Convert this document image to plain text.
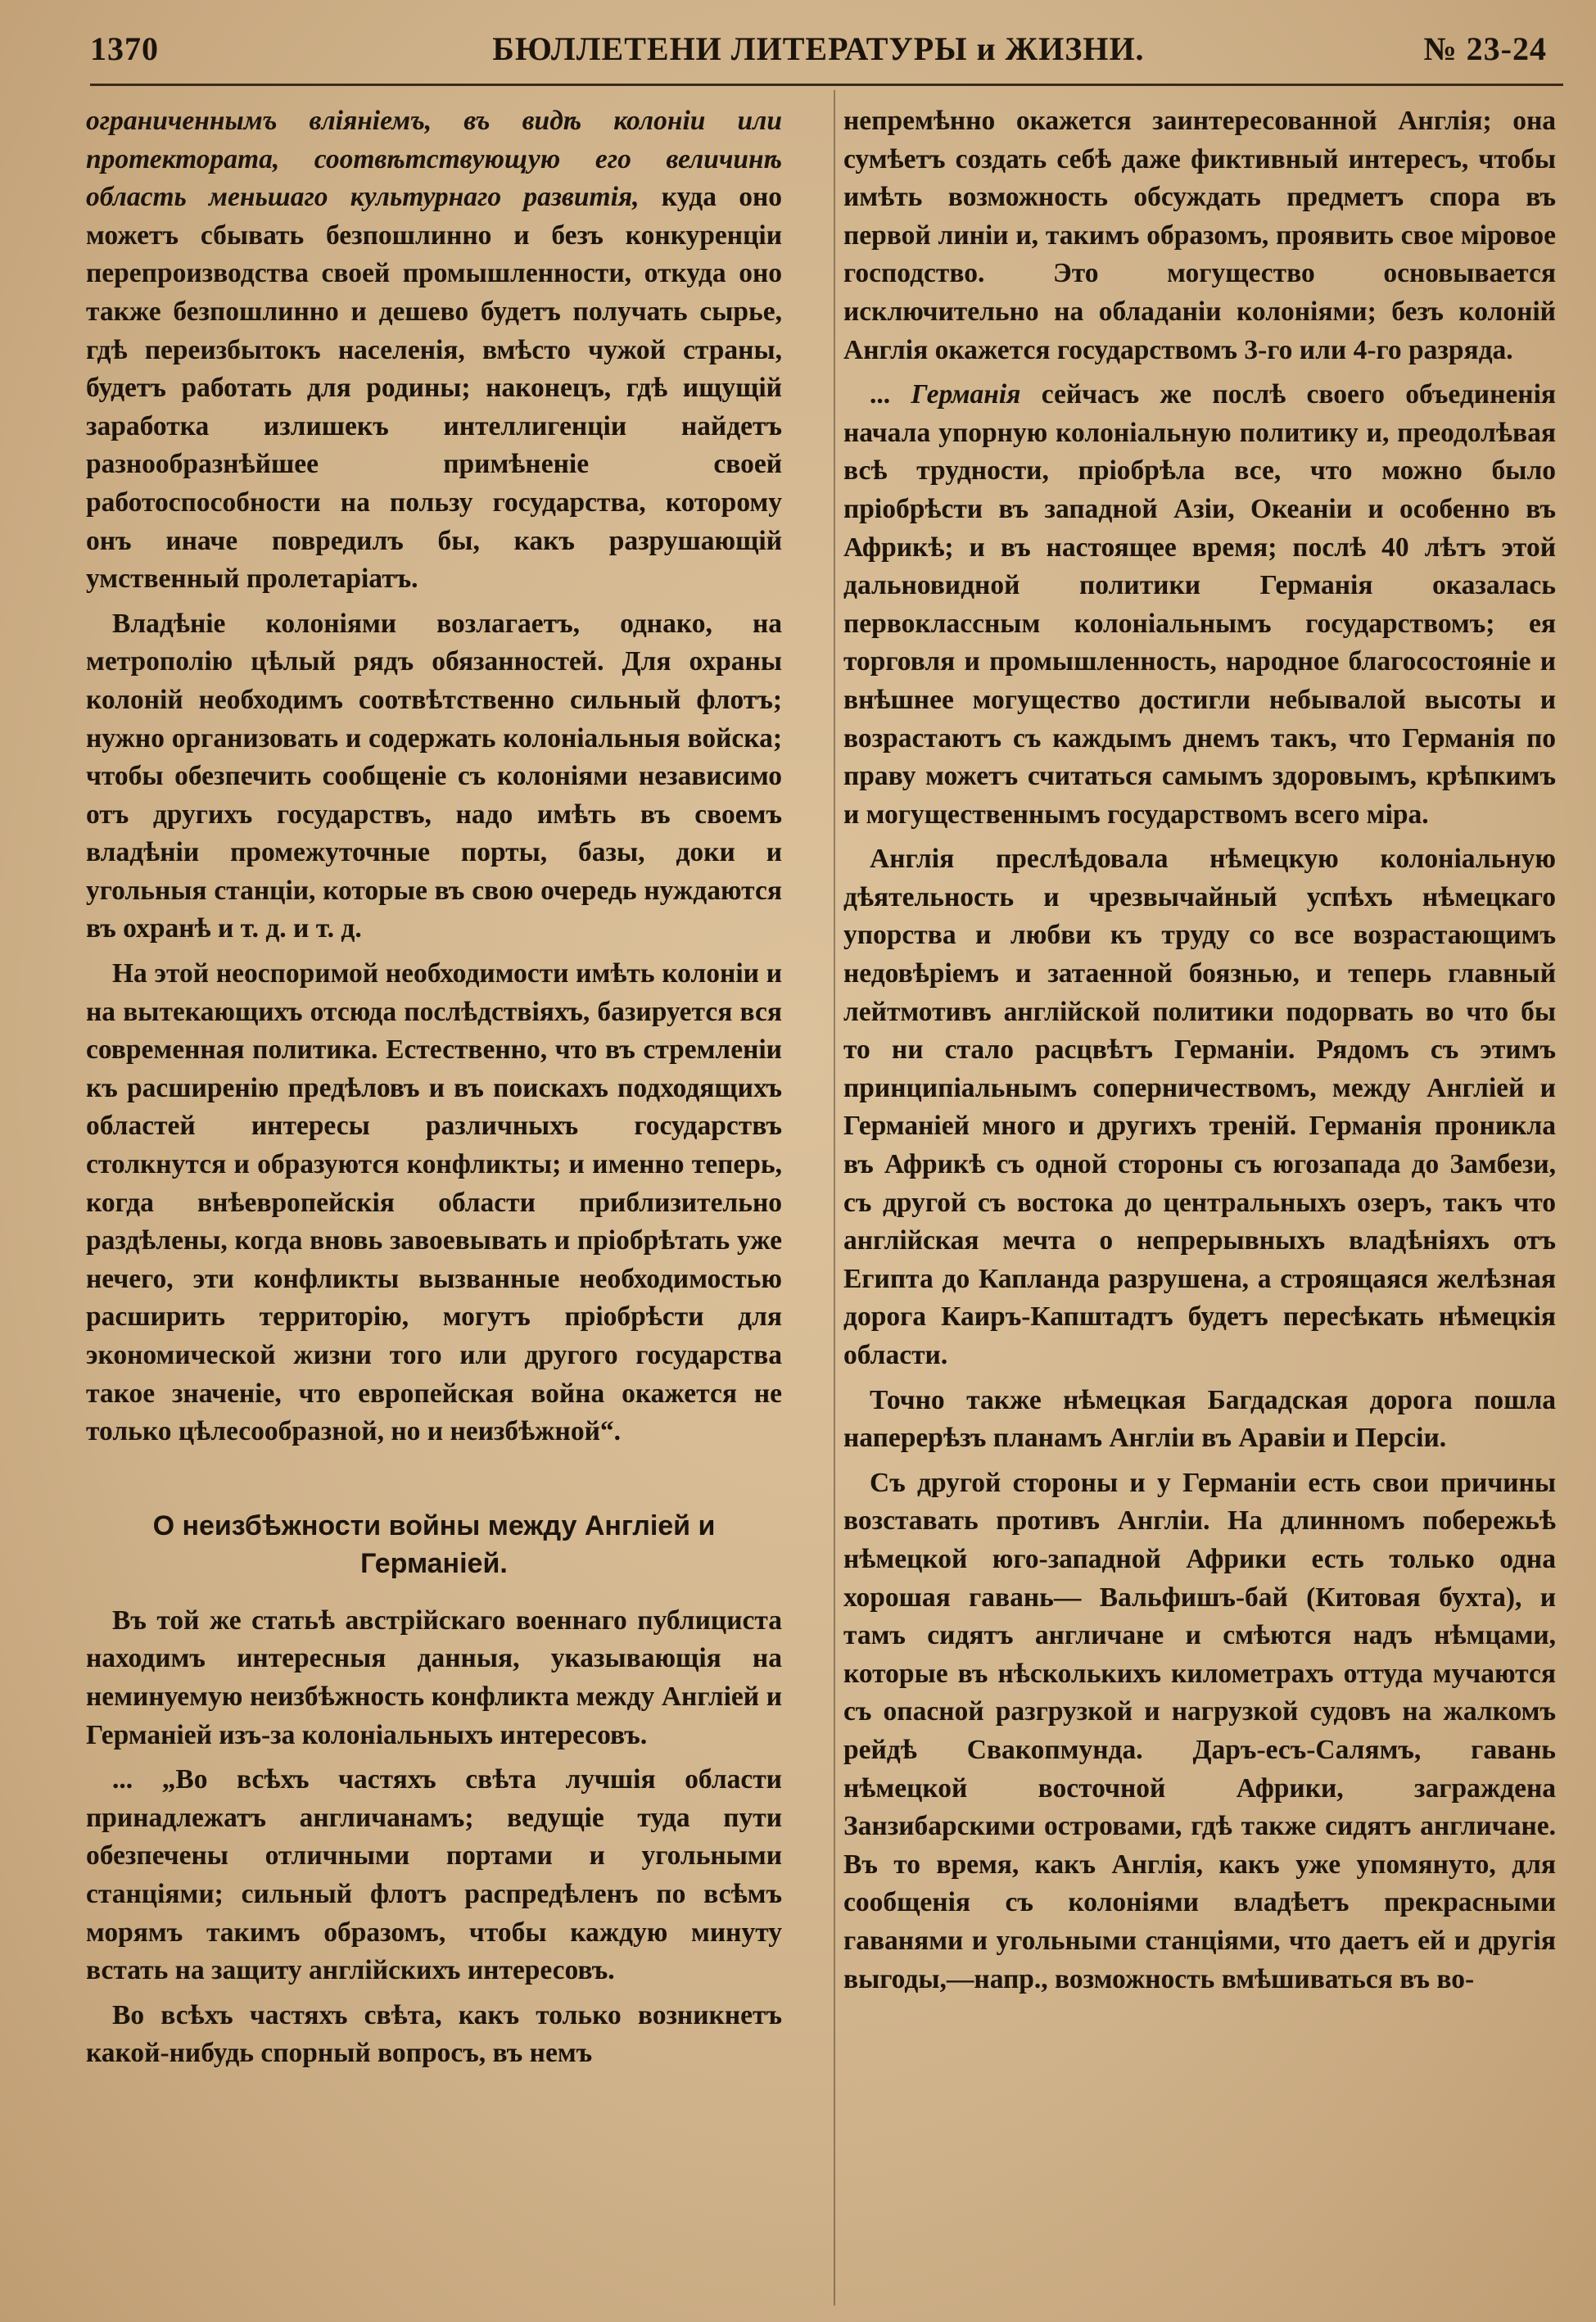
1370	БЮЛЛЕТЕНИ ЛИТЕРАТУРЫ и ЖИЗНИ.	№ 23-24

ограниченнымъ вліяніемъ, въ видѣ колоніи или протектората, соотвѣтствующую его величинѣ область меньшаго культурнаго развитія, куда оно можетъ сбывать безпошлинно и безъ конкуренціи перепроизводства своей промышленности, откуда оно также безпошлинно и дешево будетъ получать сырье, гдѣ переизбытокъ населенія, вмѣсто чужой страны, будетъ работать для родины; наконецъ, гдѣ ищущій заработка излишекъ интеллигенціи найдетъ разнообразнѣйшее примѣненіе своей работоспособности на пользу государства, которому онъ иначе повредилъ бы, какъ разрушающій умственный пролетаріатъ.

Владѣніе колоніями возлагаетъ, однако, на метрополію цѣлый рядъ обязанностей. Для охраны колоній необходимъ соотвѣтственно сильный флотъ; нужно организовать и содержать колоніальныя войска; чтобы обезпечить сообщеніе съ колоніями независимо отъ другихъ государствъ, надо имѣть въ своемъ владѣніи промежуточные порты, базы, доки и угольныя станціи, которые въ свою очередь нуждаются въ охранѣ и т. д. и т. д.

На этой неоспоримой необходимости имѣть колоніи и на вытекающихъ отсюда послѣдствіяхъ, базируется вся современная политика. Естественно, что въ стремленіи къ расширенію предѣловъ и въ поискахъ подходящихъ областей интересы различныхъ государствъ столкнутся и образуются конфликты; и именно теперь, когда внѣевропейскія области приблизительно раздѣлены, когда вновь завоевывать и пріобрѣтать уже нечего, эти конфликты вызванные необходимостью расширить территорію, могутъ пріобрѣсти для экономической жизни того или другого государства такое значеніе, что европейская война окажется не только цѣлесообразной, но и неизбѣжной“.

О неизбѣжности войны между Англіей и Германіей.

Въ той же статьѣ австрійскаго военнаго публициста находимъ интересныя данныя, указывающія на неминуемую неизбѣжность конфликта между Англіей и Германіей изъ-за колоніальныхъ интересовъ.

... „Во всѣхъ частяхъ свѣта лучшія области принадлежатъ англичанамъ; ведущіе туда пути обезпечены отличными портами и угольными станціями; сильный флотъ распредѣленъ по всѣмъ морямъ такимъ образомъ, чтобы каждую минуту встать на защиту англійскихъ интересовъ.

Во всѣхъ частяхъ свѣта, какъ только возникнетъ какой-нибудь спорный вопросъ, въ немъ

непремѣнно окажется заинтересованной Англія; она сумѣетъ создать себѣ даже фиктивный интересъ, чтобы имѣть возможность обсуждать предметъ спора въ первой линіи и, такимъ образомъ, проявить свое міровое господство. Это могущество основывается исключительно на обладаніи колоніями; безъ колоній Англія окажется государствомъ 3-го или 4-го разряда.

... Германія сейчасъ же послѣ своего объединенія начала упорную колоніальную политику и, преодолѣвая всѣ трудности, пріобрѣла все, что можно было пріобрѣсти въ западной Азіи, Океаніи и особенно въ Африкѣ; и въ настоящее время; послѣ 40 лѣтъ этой дальновидной политики Германія оказалась первоклассным колоніальнымъ государствомъ; ея торговля и промышленность, народное благосостояніе и внѣшнее могущество достигли небывалой высоты и возрастаютъ съ каждымъ днемъ такъ, что Германія по праву можетъ считаться самымъ здоровымъ, крѣпкимъ и могущественнымъ государствомъ всего міра.

Англія преслѣдовала нѣмецкую колоніальную дѣятельность и чрезвычайный успѣхъ нѣмецкаго упорства и любви къ труду со все возрастающимъ недовѣріемъ и затаенной боязнью, и теперь главный лейтмотивъ англійской политики подорвать во что бы то ни стало расцвѣтъ Германіи. Рядомъ съ этимъ принципіальнымъ соперничествомъ, между Англіей и Германіей много и другихъ треній. Германія проникла въ Африкѣ съ одной стороны съ югозапада до Замбези, съ другой съ востока до центральныхъ озеръ, такъ что англійская мечта о непрерывныхъ владѣніяхъ отъ Египта до Капланда разрушена, а строящаяся желѣзная дорога Каиръ-Капштадтъ будетъ пересѣкать нѣмецкія области.

Точно также нѣмецкая Багдадская дорога пошла наперерѣзъ планамъ Англіи въ Аравіи и Персіи.

Съ другой стороны и у Германіи есть свои причины возставать противъ Англіи. На длинномъ побережьѣ нѣмецкой юго-западной Африки есть только одна хорошая гавань— Вальфишъ-бай (Китовая бухта), и тамъ сидятъ англичане и смѣются надъ нѣмцами, которые въ нѣсколькихъ километрахъ оттуда мучаются съ опасной разгрузкой и нагрузкой судовъ на жалкомъ рейдѣ Свакопмунда. Даръ-есъ-Салямъ, гавань нѣмецкой восточной Африки, заграждена Занзибарскими островами, гдѣ также сидятъ англичане. Въ то время, какъ Англія, какъ уже упомянуто, для сообщенія съ колоніями владѣетъ прекрасными гаванями и угольными станціями, что даетъ ей и другія выгоды,—напр., возможность вмѣшиваться въ во-
